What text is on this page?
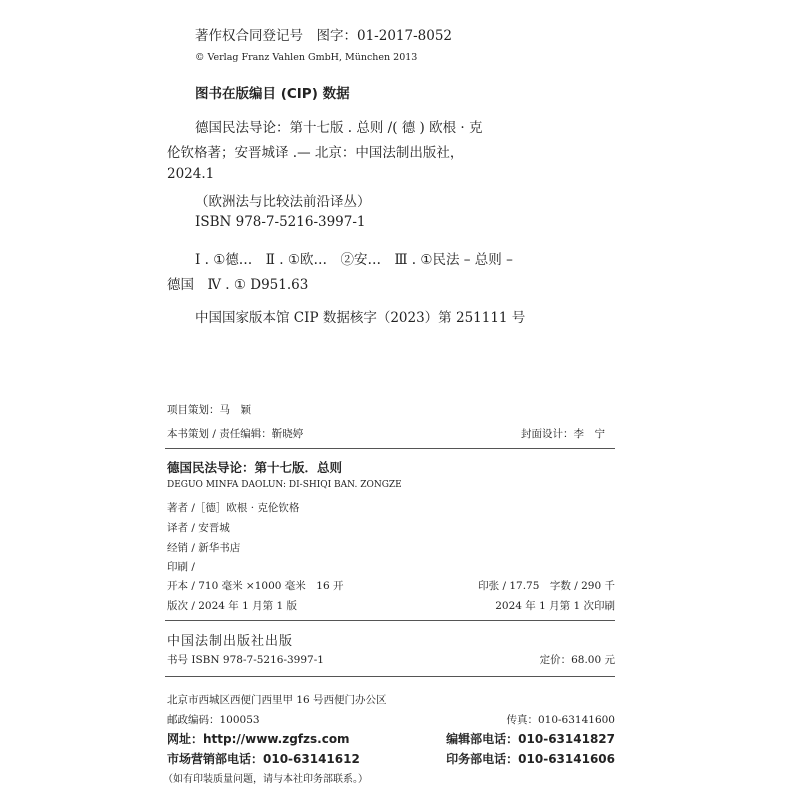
著作权合同登记号　图字：01-2017-8052
© Verlag Franz Vahlen GmbH, München 2013
图书在版编目 (CIP) 数据
德国民法导论：第十七版 . 总则 /( 德 ) 欧根 · 克
伦钦格著；安晋城译 .— 北京：中国法制出版社，
2024.1
（欧洲法与比较法前沿译丛）
ISBN 978-7-5216-3997-1
Ⅰ . ①德…　Ⅱ . ①欧…　②安…　Ⅲ . ①民法 – 总则 –
德国　Ⅳ . ① D951.63
中国国家版本馆 CIP 数据核字（2023）第 251111 号
项目策划：马　颖
本书策划 / 责任编辑：靳晓婷	封面设计：李　宁
德国民法导论：第十七版．总则
DEGUO MINFA DAOLUN: DI-SHIQI BAN. ZONGZE
著者 /［德］欧根 · 克伦钦格
译者 / 安晋城
经销 / 新华书店
印刷 /
开本 / 710 毫米 ×1000 毫米　16 开	印张 / 17.75　字数 / 290 千
版次 / 2024 年 1 月第 1 版	2024 年 1 月第 1 次印刷
中国法制出版社出版
书号 ISBN 978-7-5216-3997-1	定价：68.00 元
北京市西城区西便门西里甲 16 号西便门办公区
邮政编码：100053	传真：010-63141600
网址：http://www.zgfzs.com	编辑部电话：010-63141827
市场营销部电话：010-63141612	印务部电话：010-63141606
（如有印装质量问题，请与本社印务部联系。）
